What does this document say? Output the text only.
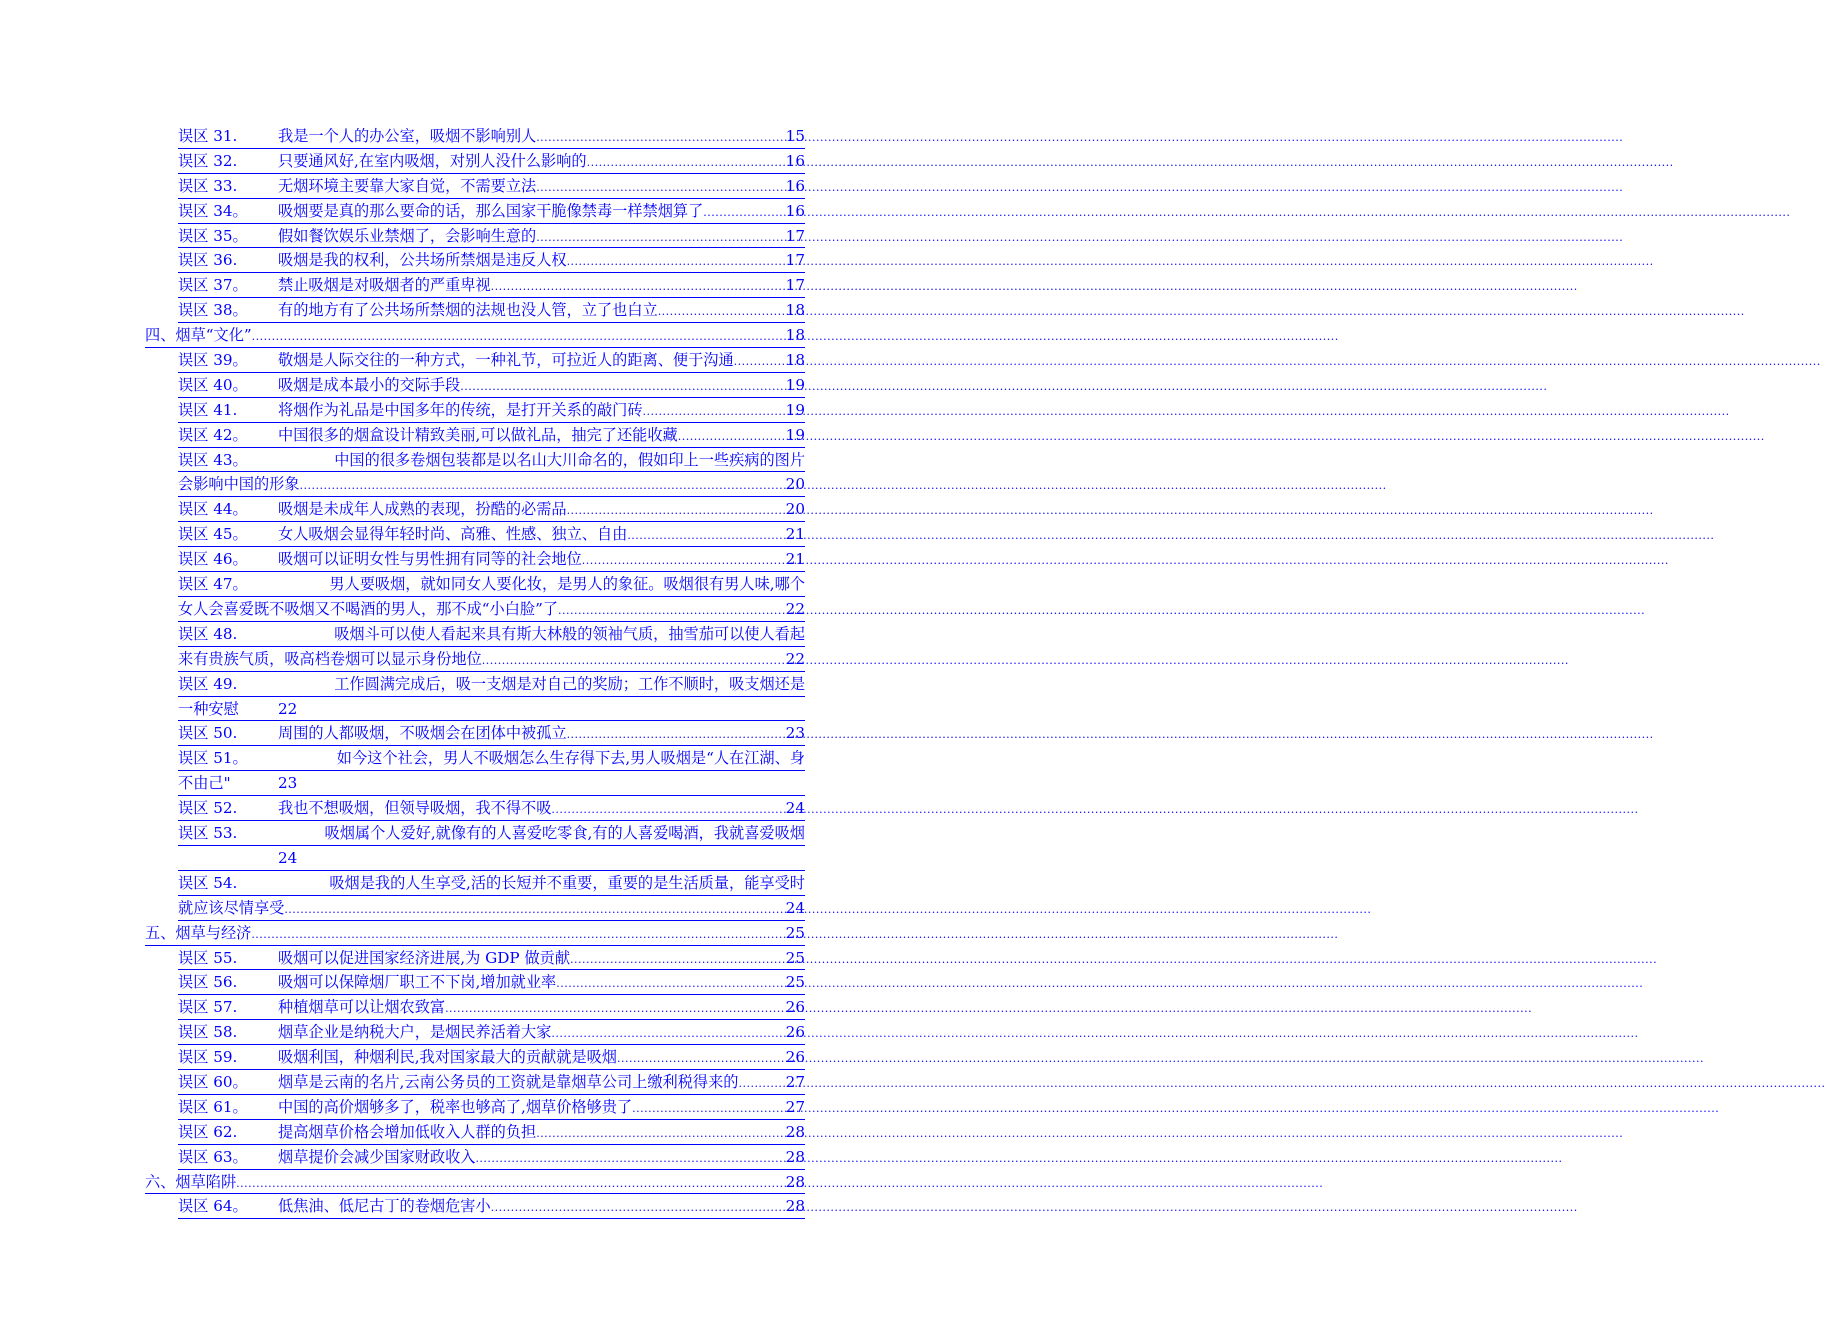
误区 31.	我是一个人的办公室，吸烟不影响别人 .....	15
误区 32.	只要通风好,在室内吸烟，对别人没什么影响的 .....	16
误区 33.	无烟环境主要靠大家自觉，不需要立法 .....	16
误区 34。	吸烟要是真的那么要命的话，那么国家干脆像禁毒一样禁烟算了 .....	16
误区 35。	假如餐饮娱乐业禁烟了，会影响生意的 .....	17
误区 36.	吸烟是我的权利，公共场所禁烟是违反人权 .....	17
误区 37。	禁止吸烟是对吸烟者的严重卑视 .....	17
误区 38。	有的地方有了公共场所禁烟的法规也没人管，立了也白立 .....	18
四、烟草“文化” .....	18
误区 39。	敬烟是人际交往的一种方式，一种礼节，可拉近人的距离、便于沟通 .....	18
误区 40。	吸烟是成本最小的交际手段 .....	19
误区 41.	将烟作为礼品是中国多年的传统，是打开关系的敲门砖 .....	19
误区 42。	中国很多的烟盒设计精致美丽,可以做礼品，抽完了还能收藏 .....	19
误区 43。	中国的很多卷烟包装都是以名山大川命名的，假如印上一些疾病的图片
会影响中国的形象 .....	20
误区 44。	吸烟是未成年人成熟的表现，扮酷的必需品 .....	20
误区 45。	女人吸烟会显得年轻时尚、高雅、性感、独立、自由 .....	21
误区 46。	吸烟可以证明女性与男性拥有同等的社会地位 .....	21
误区 47。	男人要吸烟，就如同女人要化妆，是男人的象征。吸烟很有男人味,哪个
女人会喜爱既不吸烟又不喝酒的男人，那不成“小白脸”了 .....	22
误区 48.	吸烟斗可以使人看起来具有斯大林般的领袖气质，抽雪茄可以使人看起
来有贵族气质，吸高档卷烟可以显示身份地位 .....	22
误区 49.	工作圆满完成后，吸一支烟是对自己的奖励；工作不顺时，吸支烟还是
一种安慰	22
误区 50.	周围的人都吸烟，不吸烟会在团体中被孤立 .....	23
误区 51。	如今这个社会，男人不吸烟怎么生存得下去,男人吸烟是“人在江湖、身
不由己"	23
误区 52.	我也不想吸烟，但领导吸烟，我不得不吸 .....	24
误区 53.	吸烟属个人爱好,就像有的人喜爱吃零食,有的人喜爱喝酒，我就喜爱吸烟
24
误区 54.	吸烟是我的人生享受,活的长短并不重要，重要的是生活质量，能享受时
就应该尽情享受 .....	24
五、烟草与经济 .....	25
误区 55.	吸烟可以促进国家经济进展,为 GDP 做贡献 .....	25
误区 56.	吸烟可以保障烟厂职工不下岗,增加就业率 .....	25
误区 57.	种植烟草可以让烟农致富 .....	26
误区 58.	烟草企业是纳税大户，是烟民养活着大家 .....	26
误区 59.	吸烟利国，种烟利民,我对国家最大的贡献就是吸烟 .....	26
误区 60。	烟草是云南的名片,云南公务员的工资就是靠烟草公司上缴利税得来的 .....	27
误区 61。	中国的高价烟够多了，税率也够高了,烟草价格够贵了 .....	27
误区 62.	提高烟草价格会增加低收入人群的负担 .....	28
误区 63。	烟草提价会减少国家财政收入 .....	28
六、烟草陷阱 .....	28
误区 64。	低焦油、低尼古丁的卷烟危害小 .....	28
